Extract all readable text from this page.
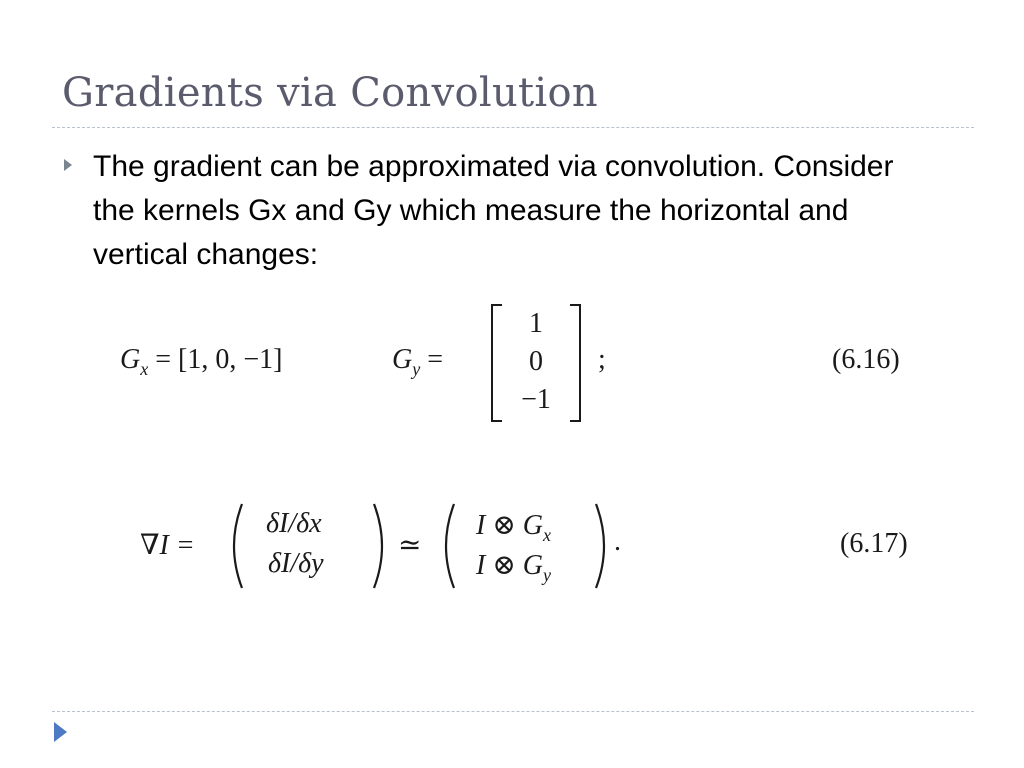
Gradients via Convolution
The gradient can be approximated via convolution. Consider the kernels Gx and Gy which measure the horizontal and vertical changes:
$G_x = [1$, 0, −1]	$G_y$ =
1
0
−1
;	(6.16)
∇I =
δI/δx
δI/δy
≃
I ⊗ $G_x$
I ⊗ $G_y$
.	(6.17)
